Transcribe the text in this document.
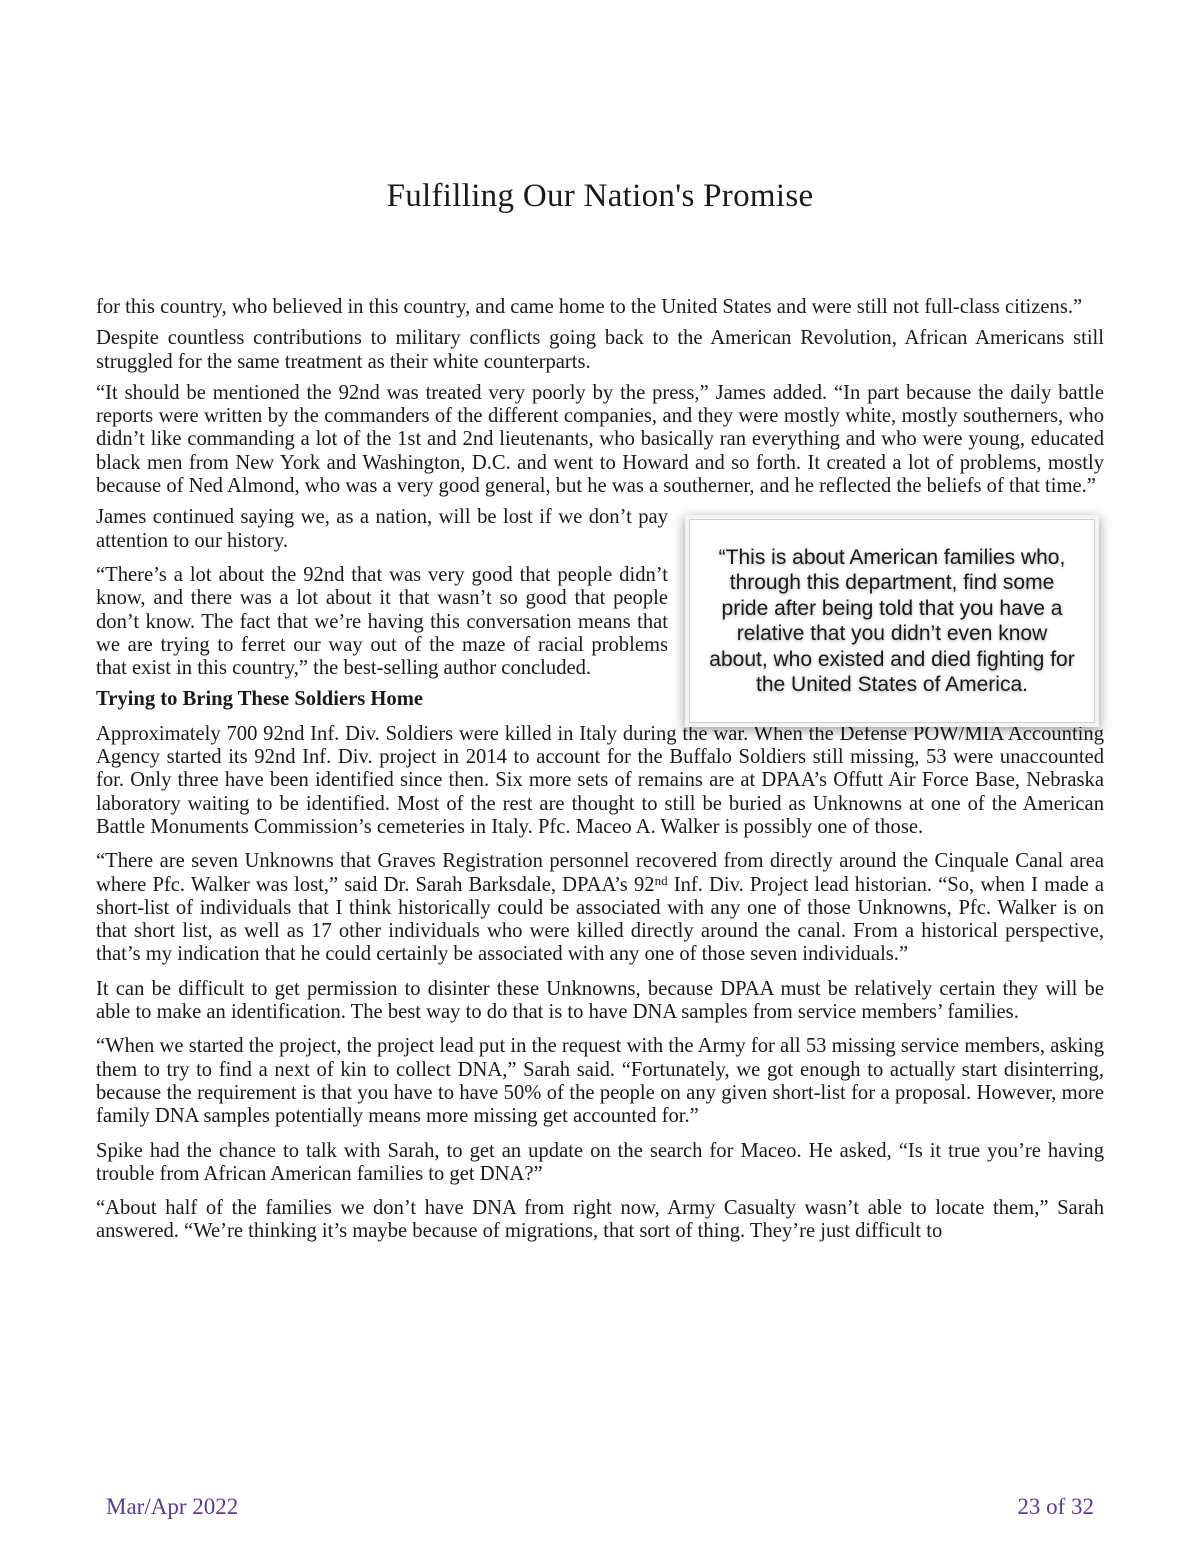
Fulfilling Our Nation's Promise

for this country, who believed in this country, and came home to the United States and were still not full-class citizens.”

Despite countless contributions to military conflicts going back to the American Revolution, African Americans still struggled for the same treatment as their white counterparts.

“It should be mentioned the 92nd was treated very poorly by the press,” James added. “In part because the daily battle reports were written by the commanders of the different companies, and they were mostly white, mostly southerners, who didn’t like commanding a lot of the 1st and 2nd lieutenants, who basically ran everything and who were young, educated black men from New York and Washington, D.C. and went to Howard and so forth. It created a lot of problems, mostly because of Ned Almond, who was a very good general, but he was a southerner, and he reflected the beliefs of that time.”

James continued saying we, as a nation, will be lost if we don’t pay attention to our history.

“There’s a lot about the 92nd that was very good that people didn’t know, and there was a lot about it that wasn’t so good that people don’t know. The fact that we’re having this conversation means that we are trying to ferret our way out of the maze of racial problems that exist in this country,” the best-selling author concluded.

“This is about American families who, through this department, find some pride after being told that you have a relative that you didn’t even know about, who existed and died fighting for the United States of America.
Trying to Bring These Soldiers Home

Approximately 700 92nd Inf. Div. Soldiers were killed in Italy during the war. When the Defense POW/MIA Accounting Agency started its 92nd Inf. Div. project in 2014 to account for the Buffalo Soldiers still missing, 53 were unaccounted for. Only three have been identified since then. Six more sets of remains are at DPAA’s Offutt Air Force Base, Nebraska laboratory waiting to be identified. Most of the rest are thought to still be buried as Unknowns at one of the American Battle Monuments Commission’s cemeteries in Italy. Pfc. Maceo A. Walker is possibly one of those.

“There are seven Unknowns that Graves Registration personnel recovered from directly around the Cinquale Canal area where Pfc. Walker was lost,” said Dr. Sarah Barksdale, DPAA’s 92nd Inf. Div. Project lead historian. “So, when I made a short-list of individuals that I think historically could be associated with any one of those Unknowns, Pfc. Walker is on that short list, as well as 17 other individuals who were killed directly around the canal. From a historical perspective, that’s my indication that he could certainly be associated with any one of those seven individuals.”

It can be difficult to get permission to disinter these Unknowns, because DPAA must be relatively certain they will be able to make an identification. The best way to do that is to have DNA samples from service members’ families.

“When we started the project, the project lead put in the request with the Army for all 53 missing service members, asking them to try to find a next of kin to collect DNA,” Sarah said. “Fortunately, we got enough to actually start disinterring, because the requirement is that you have to have 50% of the people on any given short-list for a proposal. However, more family DNA samples potentially means more missing get accounted for.”

Spike had the chance to talk with Sarah, to get an update on the search for Maceo. He asked, “Is it true you’re having trouble from African American families to get DNA?”

“About half of the families we don’t have DNA from right now, Army Casualty wasn’t able to locate them,” Sarah answered. “We’re thinking it’s maybe because of migrations, that sort of thing. They’re just difficult to

Mar/Apr 2022	23 of 32
